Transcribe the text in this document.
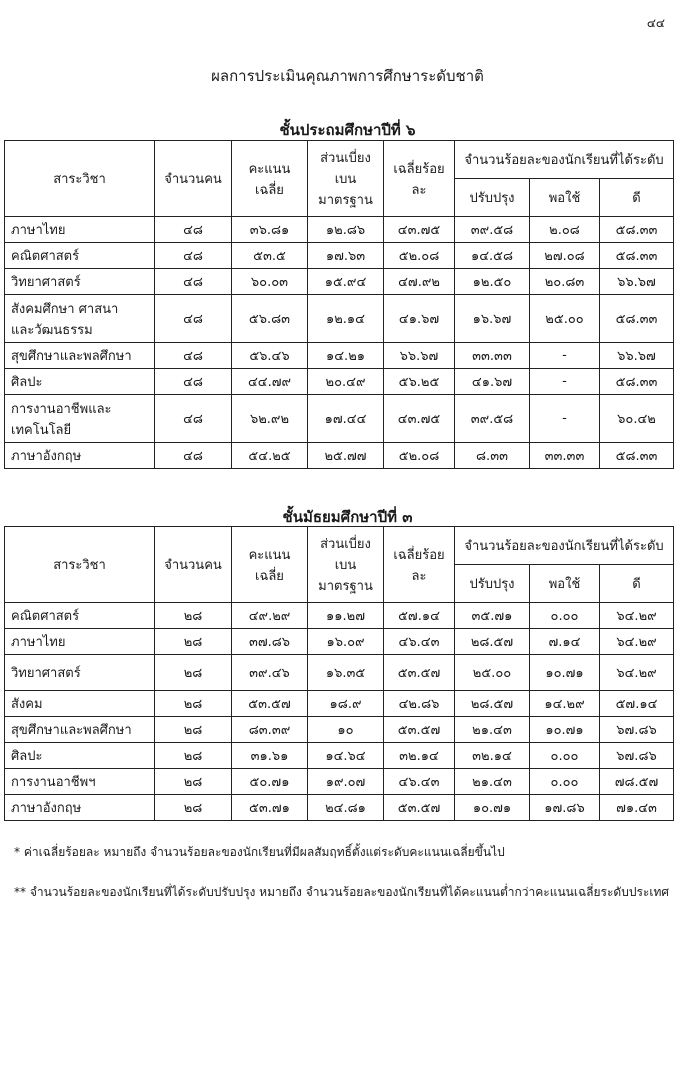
๔๔
ผลการประเมินคุณภาพการศึกษาระดับชาติ
ชั้นประถมศึกษาปีที่ ๖
สาระวิชา	จำนวนคน	คะแนนเฉลี่ย	ส่วนเบี่ยงเบนมาตรฐาน	เฉลี่ยร้อยละ	จำนวนร้อยละของนักเรียนที่ได้ระดับ		
					ปรับปรุง	พอใช้	ดี

ภาษาไทย	๔๘	๓๖.๘๑	๑๒.๘๖	๔๓.๗๕	๓๙.๕๘	๒.๐๘	๕๘.๓๓

คณิตศาสตร์	๔๘	๕๓.๕	๑๗.๖๓	๕๒.๐๘	๑๔.๕๘	๒๗.๐๘	๕๘.๓๓

วิทยาศาสตร์	๔๘	๖๐.๐๓	๑๕.๙๔	๔๗.๙๒	๑๒.๕๐	๒๐.๘๓	๖๖.๖๗

สังคมศึกษา ศาสนา
และวัฒนธรรม	๔๘	๕๖.๘๓	๑๒.๑๔	๔๑.๖๗	๑๖.๖๗	๒๕.๐๐	๕๘.๓๓

สุขศึกษาและพลศึกษา	๔๘	๕๖.๔๖	๑๔.๒๑	๖๖.๖๗	๓๓.๓๓	-	๖๖.๖๗

ศิลปะ	๔๘	๔๔.๗๙	๒๐.๔๙	๕๖.๒๕	๔๑.๖๗	-	๕๘.๓๓

การงานอาชีพและ
เทคโนโลยี	๔๘	๖๒.๙๒	๑๗.๔๔	๔๓.๗๕	๓๙.๕๘	-	๖๐.๔๒

ภาษาอังกฤษ	๔๘	๕๔.๒๕	๒๕.๗๗	๕๒.๐๘	๘.๓๓	๓๓.๓๓	๕๘.๓๓
ชั้นมัธยมศึกษาปีที่ ๓
สาระวิชา	จำนวนคน	คะแนนเฉลี่ย	ส่วนเบี่ยงเบนมาตรฐาน	เฉลี่ยร้อยละ	จำนวนร้อยละของนักเรียนที่ได้ระดับ		
					ปรับปรุง	พอใช้	ดี

คณิตศาสตร์	๒๘	๔๙.๒๙	๑๑.๒๗	๕๗.๑๔	๓๕.๗๑	๐.๐๐	๖๔.๒๙

ภาษาไทย	๒๘	๓๗.๘๖	๑๖.๐๙	๔๖.๔๓	๒๘.๕๗	๗.๑๔	๖๔.๒๙

วิทยาศาสตร์	๒๘	๓๙.๔๖	๑๖.๓๕	๕๓.๕๗	๒๕.๐๐	๑๐.๗๑	๖๔.๒๙

สังคม	๒๘	๕๓.๕๗	๑๘.๙	๔๒.๘๖	๒๘.๕๗	๑๔.๒๙	๕๗.๑๔

สุขศึกษาและพลศึกษา	๒๘	๘๓.๓๙	๑๐	๕๓.๕๗	๒๑.๔๓	๑๐.๗๑	๖๗.๘๖

ศิลปะ	๒๘	๓๑.๖๑	๑๔.๖๔	๓๒.๑๔	๓๒.๑๔	๐.๐๐	๖๗.๘๖

การงานอาชีพฯ	๒๘	๕๐.๗๑	๑๙.๐๗	๔๖.๔๓	๒๑.๔๓	๐.๐๐	๗๘.๕๗

ภาษาอังกฤษ	๒๘	๕๓.๗๑	๒๔.๘๑	๕๓.๕๗	๑๐.๗๑	๑๗.๘๖	๗๑.๔๓
* ค่าเฉลี่ยร้อยละ หมายถึง จำนวนร้อยละของนักเรียนที่มีผลสัมฤทธิ์ตั้งแต่ระดับคะแนนเฉลี่ยขึ้นไป
** จำนวนร้อยละของนักเรียนที่ได้ระดับปรับปรุง หมายถึง จำนวนร้อยละของนักเรียนที่ได้คะแนนต่ำกว่าคะแนนเฉลี่ยระดับประเทศ
